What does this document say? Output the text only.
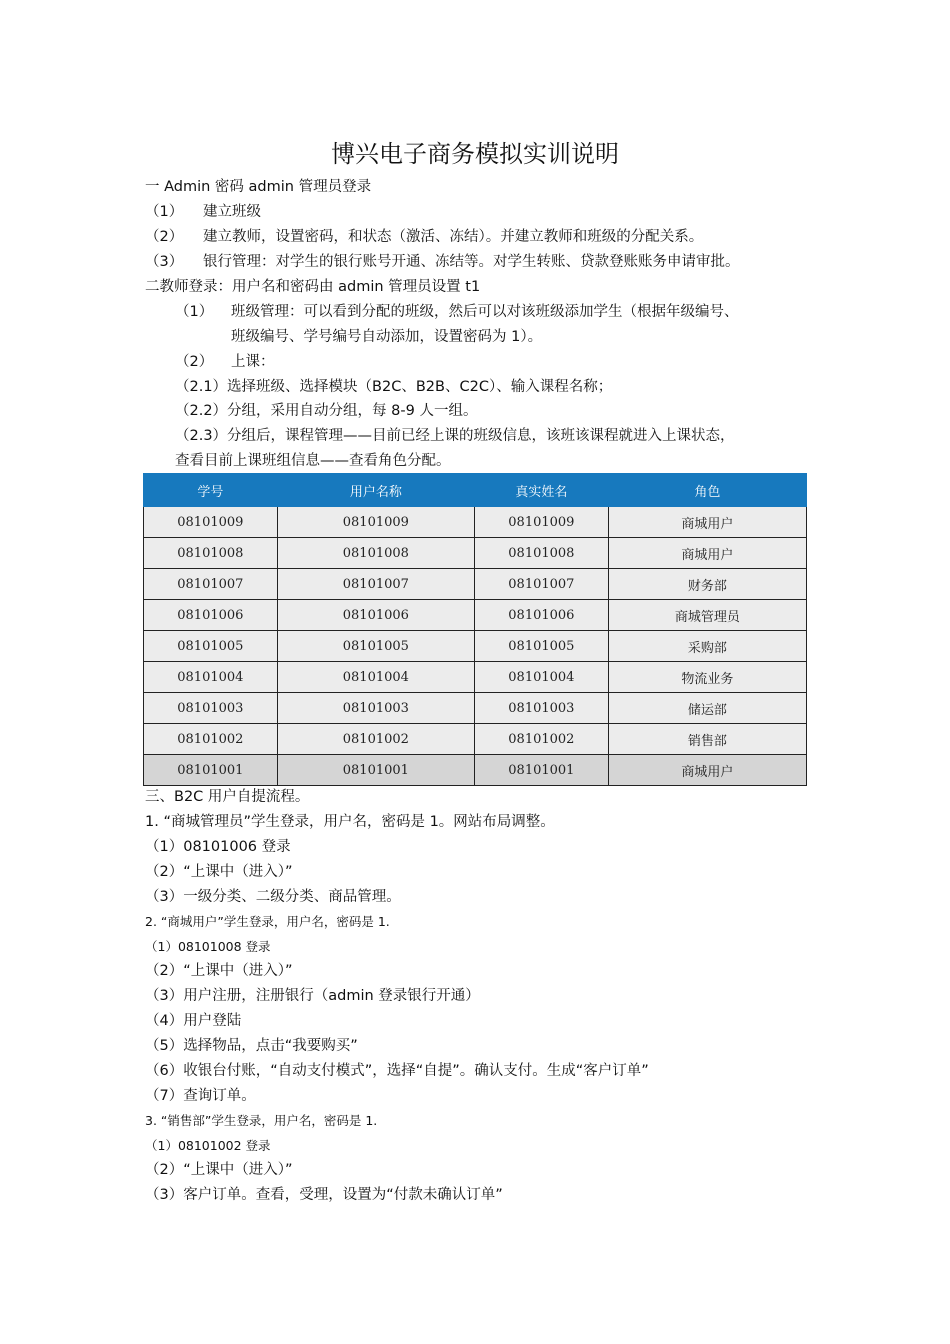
博兴电子商务模拟实训说明
一 Admin 密码 admin 管理员登录
（1） 建立班级
（2） 建立教师，设置密码，和状态（激活、冻结）。并建立教师和班级的分配关系。
（3） 银行管理：对学生的银行账号开通、冻结等。对学生转账、贷款登账账务申请审批。
二教师登录：用户名和密码由 admin 管理员设置 t1
（1） 班级管理：可以看到分配的班级，然后可以对该班级添加学生（根据年级编号、
班级编号、学号编号自动添加，设置密码为 1）。
（2） 上课：
（2.1）选择班级、选择模块（B2C、B2B、C2C）、输入课程名称；
（2.2）分组，采用自动分组，每 8-9 人一组。
（2.3）分组后，课程管理——目前已经上课的班级信息，该班该课程就进入上课状态，
查看目前上课班组信息——查看角色分配。
学号	用户名称	真实姓名	角色
08101009	08101009	08101009	商城用户
08101008	08101008	08101008	商城用户
08101007	08101007	08101007	财务部
08101006	08101006	08101006	商城管理员
08101005	08101005	08101005	采购部
08101004	08101004	08101004	物流业务
08101003	08101003	08101003	储运部
08101002	08101002	08101002	销售部
08101001	08101001	08101001	商城用户
三、B2C 用户自提流程。
1. “商城管理员”学生登录，用户名，密码是 1。网站布局调整。
（1）08101006 登录
（2）“上课中（进入）”
（3）一级分类、二级分类、商品管理。
2. “商城用户”学生登录，用户名，密码是 1.
（1）08101008 登录
（2）“上课中（进入）”
（3）用户注册，注册银行（admin 登录银行开通）
（4）用户登陆
（5）选择物品，点击“我要购买”
（6）收银台付账，“自动支付模式”，选择“自提”。确认支付。生成“客户订单”
（7）查询订单。
3. “销售部”学生登录，用户名，密码是 1.
（1）08101002 登录
（2）“上课中（进入）”
（3）客户订单。查看，受理，设置为“付款未确认订单”
